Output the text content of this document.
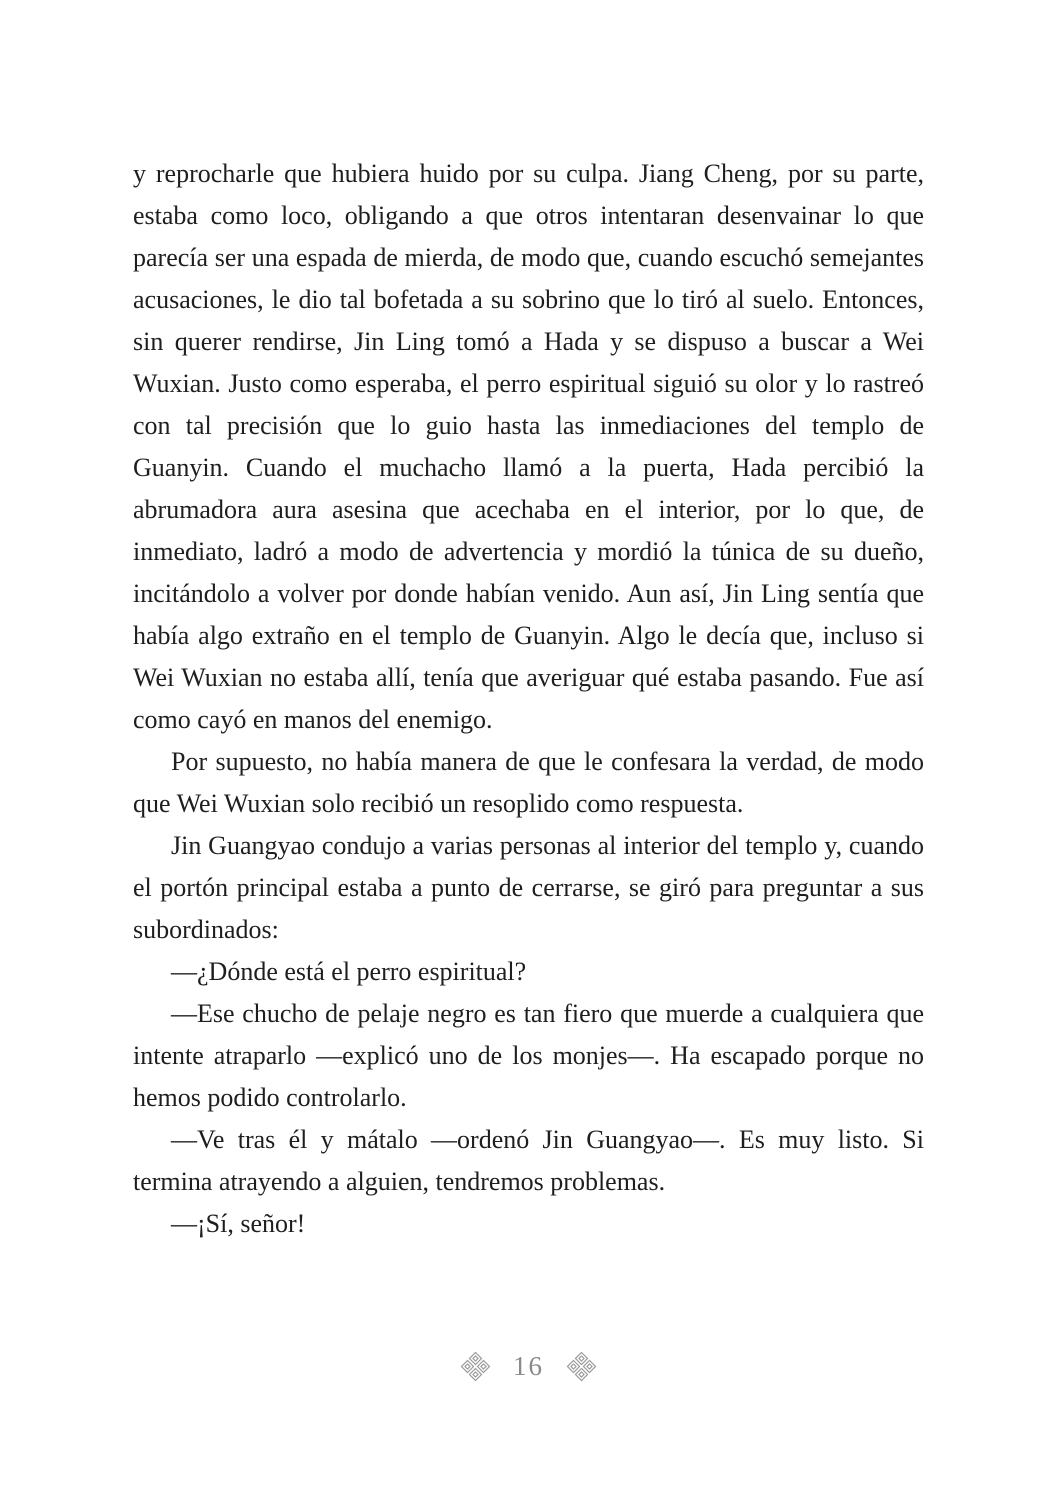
y reprocharle que hubiera huido por su culpa. Jiang Cheng, por su parte, estaba como loco, obligando a que otros intentaran desenvainar lo que parecía ser una espada de mierda, de modo que, cuando escuchó semejantes acusaciones, le dio tal bofetada a su sobrino que lo tiró al suelo. Entonces, sin querer rendirse, Jin Ling tomó a Hada y se dispuso a buscar a Wei Wuxian. Justo como esperaba, el perro espiritual siguió su olor y lo rastreó con tal precisión que lo guio hasta las inmediaciones del templo de Guanyin. Cuando el muchacho llamó a la puerta, Hada percibió la abrumadora aura asesina que acechaba en el interior, por lo que, de inmediato, ladró a modo de advertencia y mordió la túnica de su dueño, incitándolo a volver por donde habían venido. Aun así, Jin Ling sentía que había algo extraño en el templo de Guanyin. Algo le decía que, incluso si Wei Wuxian no estaba allí, tenía que averiguar qué estaba pasando. Fue así como cayó en manos del enemigo.

Por supuesto, no había manera de que le confesara la verdad, de modo que Wei Wuxian solo recibió un resoplido como respuesta.

Jin Guangyao condujo a varias personas al interior del templo y, cuando el portón principal estaba a punto de cerrarse, se giró para preguntar a sus subordinados:

—¿Dónde está el perro espiritual?

—Ese chucho de pelaje negro es tan fiero que muerde a cualquiera que intente atraparlo —explicó uno de los monjes—. Ha escapado porque no hemos podido controlarlo.

—Ve tras él y mátalo —ordenó Jin Guangyao—. Es muy listo. Si termina atrayendo a alguien, tendremos problemas.

—¡Sí, señor!

16
